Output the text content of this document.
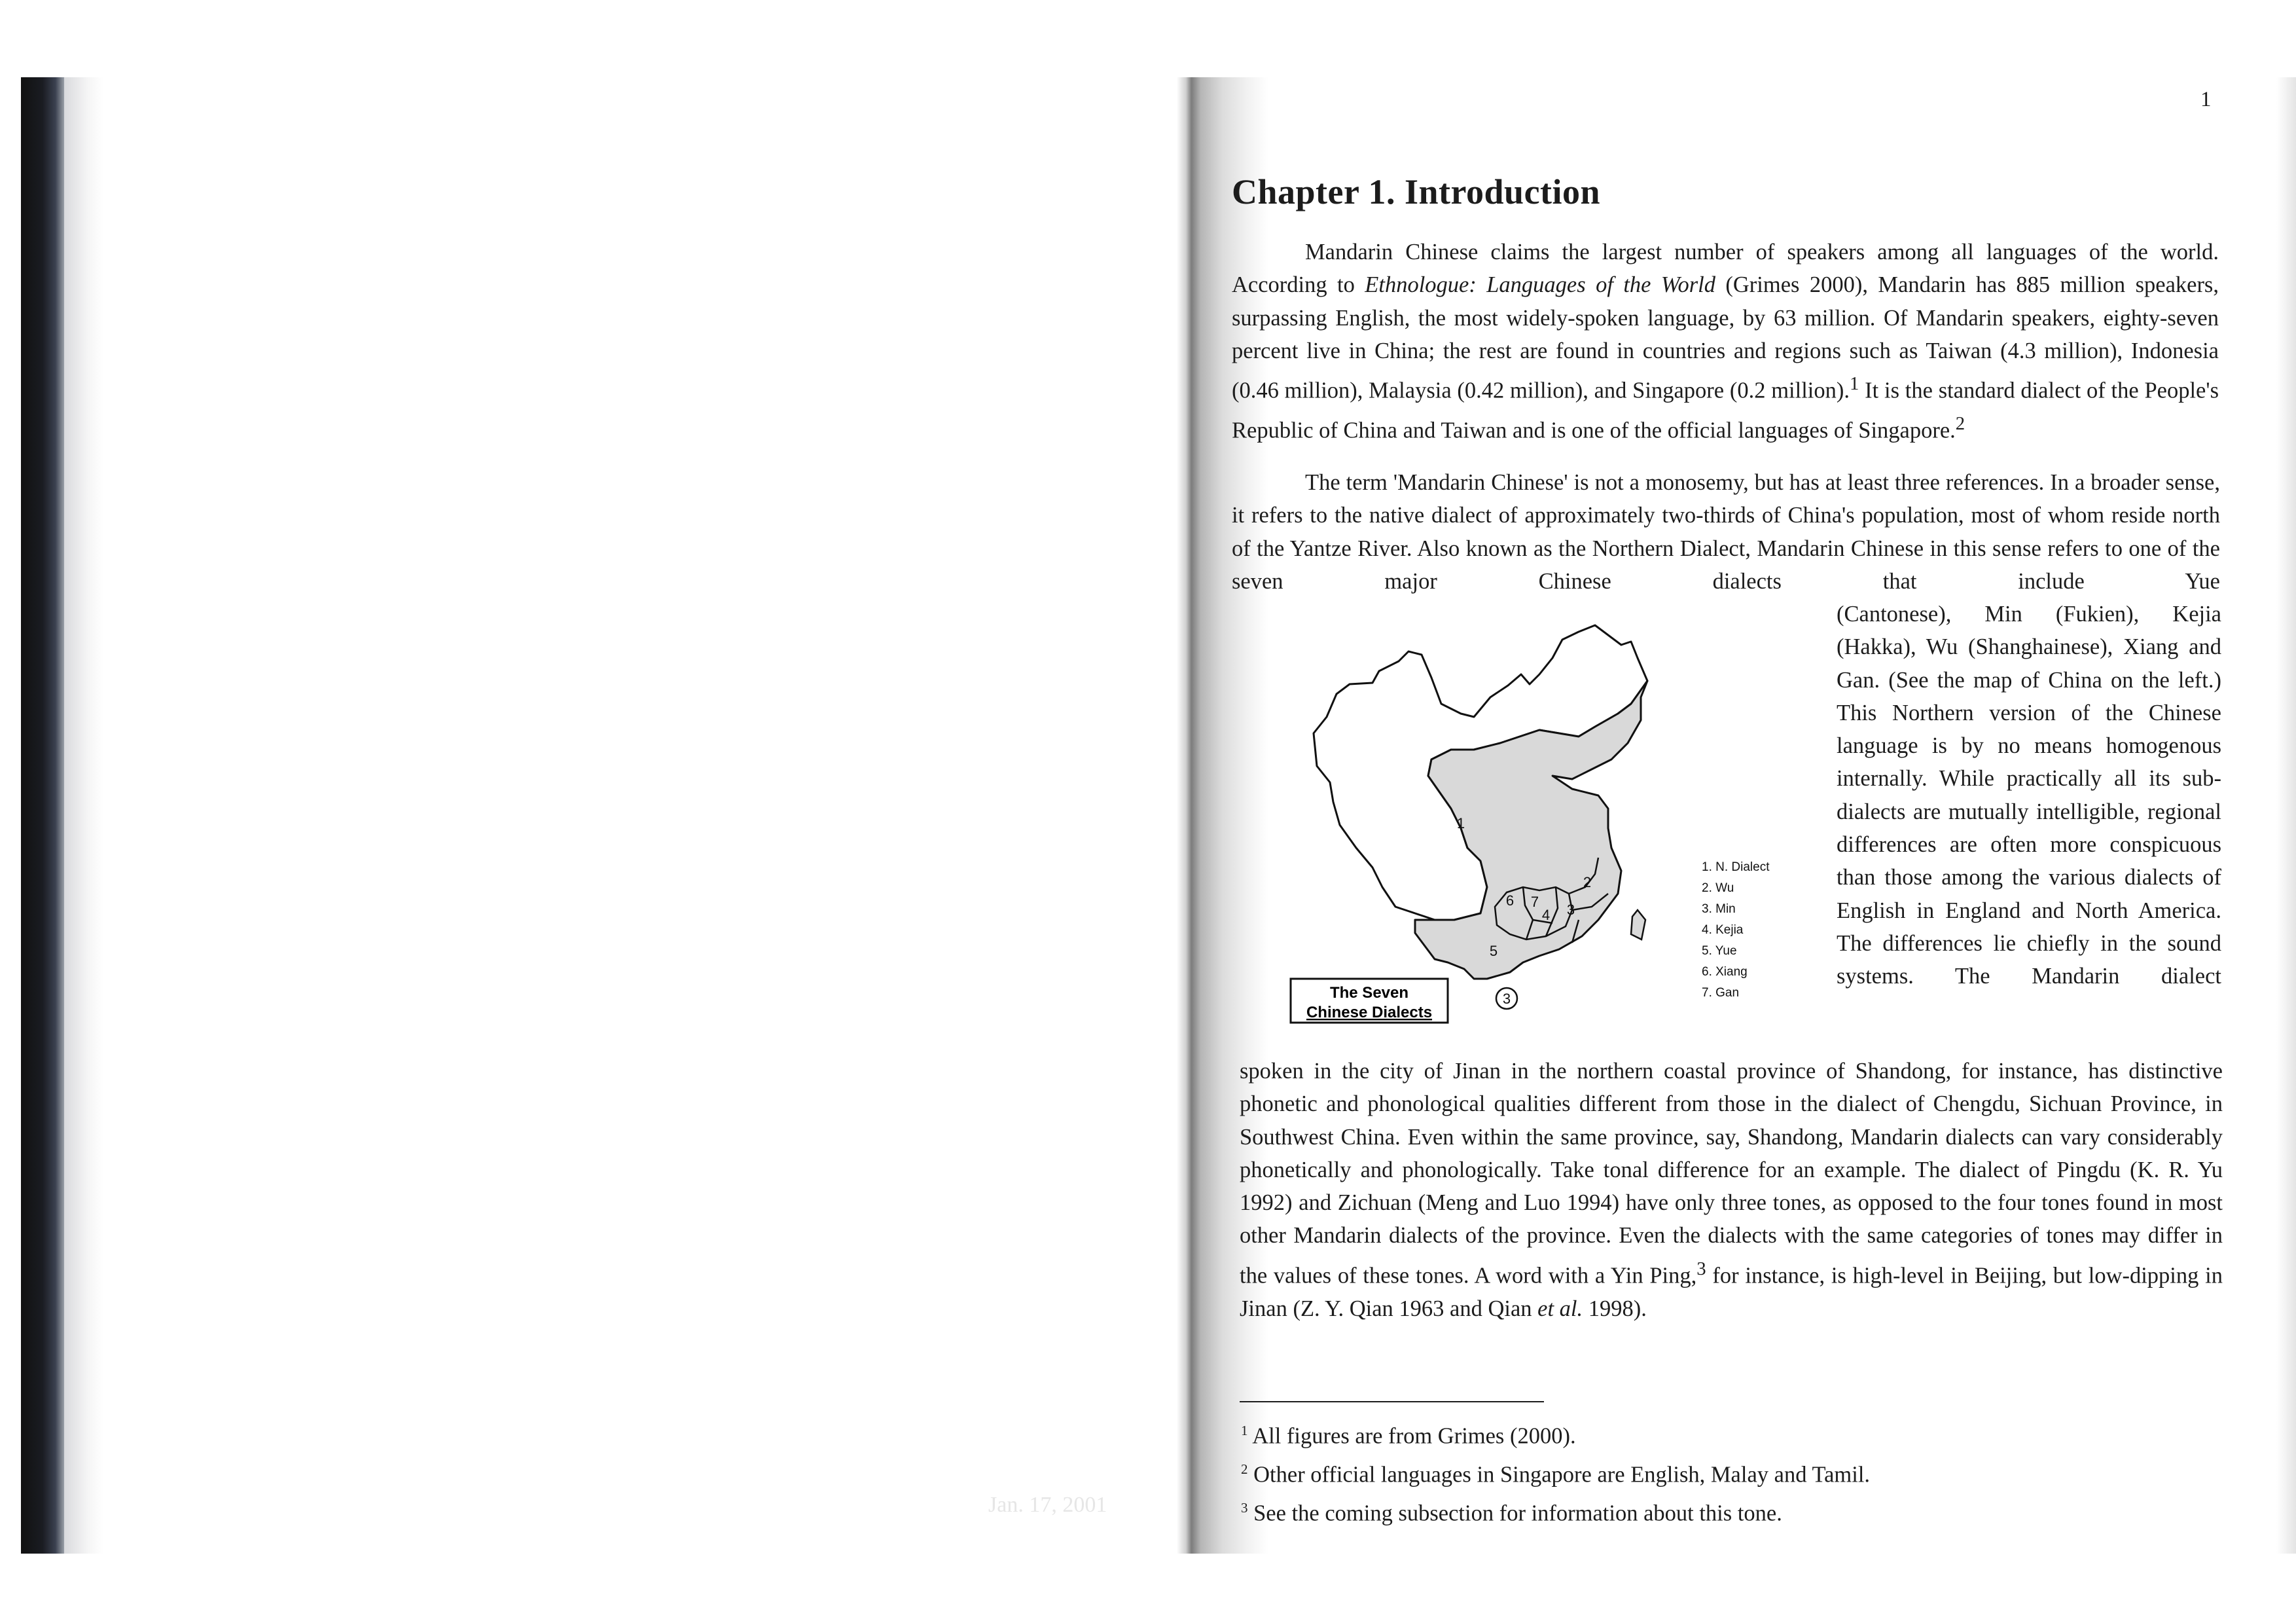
Jan. 17, 2001
1
Chapter 1. Introduction

Mandarin Chinese claims the largest number of speakers among all languages of the world. According to Ethnologue: Languages of the World (Grimes 2000), Mandarin has 885 million speakers, surpassing English, the most widely-spoken language, by 63 million. Of Mandarin speakers, eighty-seven percent live in China; the rest are found in countries and regions such as Taiwan (4.3 million), Indonesia (0.46 million), Malaysia (0.42 million), and Singapore (0.2 million).$^1$ It is the standard dialect of the People's Republic of China and Taiwan and is one of the official languages of Singapore.$^2$

The term 'Mandarin Chinese' is not a monosemy, but has at least three references. In a broader sense, it refers to the native dialect of approximately two-thirds of China's population, most of whom reside north of the Yantze River. Also known as the Northern Dialect, Mandarin Chinese in this sense refers to one of the seven major Chinese dialects that include Yue

(Cantonese), Min (Fukien), Kejia (Hakka), Wu (Shanghainese), Xiang and Gan. (See the map of China on the left.) This Northern version of the Chinese language is by no means homogenous internally. While practically all its sub-dialects are mutually intelligible, regional differences are often more conspicuous than those among the various dialects of English in England and North America. The differences lie chiefly in the sound systems. The Mandarin dialect

spoken in the city of Jinan in the northern coastal province of Shandong, for instance, has distinctive phonetic and phonological qualities different from those in the dialect of Chengdu, Sichuan Province, in Southwest China. Even within the same province, say, Shandong, Mandarin dialects can vary considerably phonetically and phonologically. Take tonal difference for an example. The dialect of Pingdu (K. R. Yu 1992) and Zichuan (Meng and Luo 1994) have only three tones, as opposed to the four tones found in most other Mandarin dialects of the province. Even the dialects with the same categories of tones may differ in the values of these tones. A word with a Yin Ping,$^3$ for instance, is high-level in Beijing, but low-dipping in Jinan (Z. Y. Qian 1963 and Qian et al. 1998).

1
2
3
4
5
6 7
3
1. N. Dialect
2. Wu
3. Min
4. Kejia
5. Yue
6. Xiang
7. Gan
The Seven
Chinese Dialects
$^1$ All figures are from Grimes (2000).
$^2$ Other official languages in Singapore are English, Malay and Tamil.
$^3$ See the coming subsection for information about this tone.
